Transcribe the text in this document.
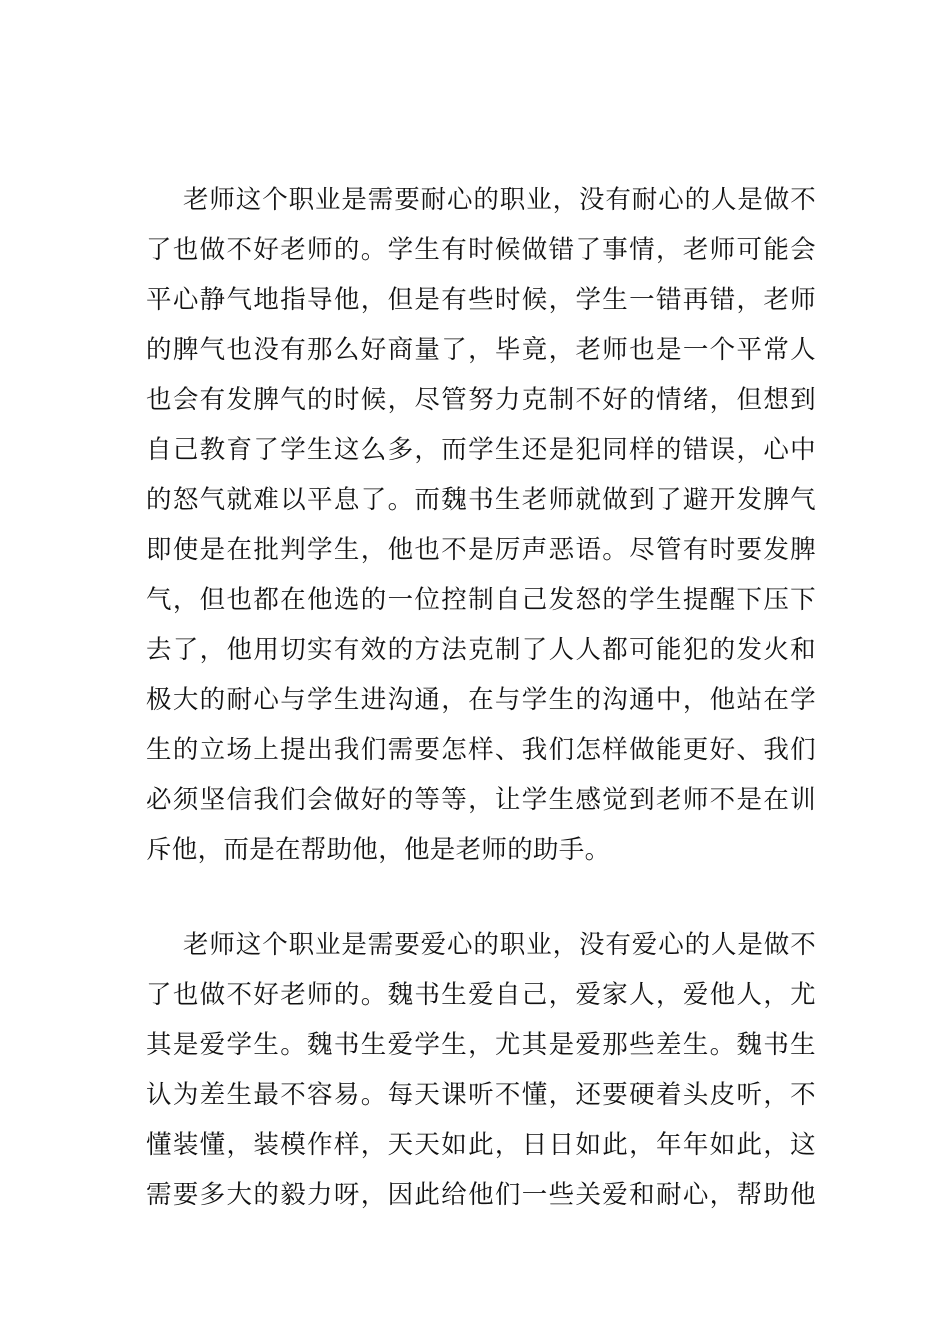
老师这个职业是需要耐心的职业，没有耐心的人是做不
了也做不好老师的。学生有时候做错了事情，老师可能会
平心静气地指导他，但是有些时候，学生一错再错，老师
的脾气也没有那么好商量了，毕竟，老师也是一个平常人
也会有发脾气的时候，尽管努力克制不好的情绪，但想到
自己教育了学生这么多，而学生还是犯同样的错误，心中
的怒气就难以平息了。而魏书生老师就做到了避开发脾气
即使是在批判学生，他也不是厉声恶语。尽管有时要发脾
气，但也都在他选的一位控制自己发怒的学生提醒下压下
去了，他用切实有效的方法克制了人人都可能犯的发火和
极大的耐心与学生进沟通，在与学生的沟通中，他站在学
生的立场上提出我们需要怎样、我们怎样做能更好、我们
必须坚信我们会做好的等等，让学生感觉到老师不是在训
斥他，而是在帮助他，他是老师的助手。
老师这个职业是需要爱心的职业，没有爱心的人是做不
了也做不好老师的。魏书生爱自己，爱家人，爱他人，尤
其是爱学生。魏书生爱学生，尤其是爱那些差生。魏书生
认为差生最不容易。每天课听不懂，还要硬着头皮听，不
懂装懂，装模作样，天天如此，日日如此，年年如此，这
需要多大的毅力呀，因此给他们一些关爱和耐心，帮助他
